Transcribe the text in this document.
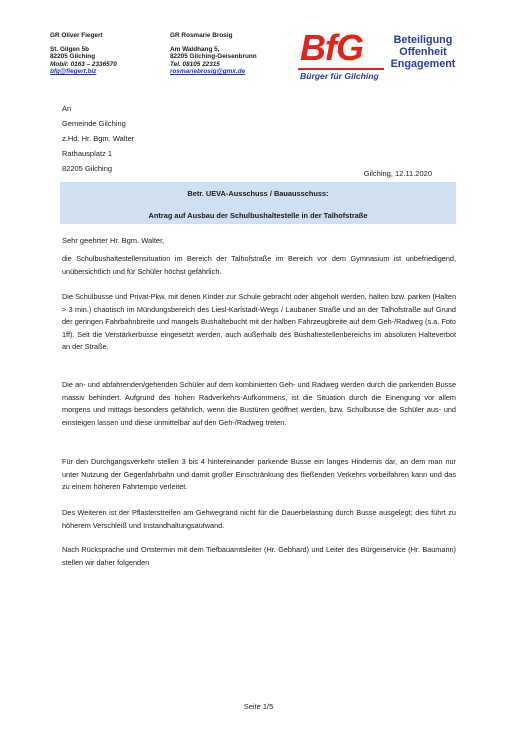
GR Oliver Fiegert
St. Gilgen 5b
82205 Gilching
Mobil: 0163 – 2336570
bfg@fiegert.biz
GR Rosmarie Brosig
Am Waldhang 5,
82205 Gilching-Geisenbrunn
Tel. 08105 22315
rosmariebrosig@gmx.de
BfG
Bürger für Gilching
Beteiligung
Offenheit
Engagement
An
Gemeinde Gilching
z.Hd. Hr. Bgm. Walter
Rathausplatz 1
82205 Gilching
Gilching, 12.11.2020
Betr. UEVA-Ausschuss / Bauausschuss:
Antrag auf Ausbau der Schulbushaltestelle in der Talhofstraße
Sehr geehrter Hr. Bgm. Walter,
die Schulbushaltestellensituation im Bereich der Talhofstraße im Bereich vor dem Gymnasium ist unbefriedigend, unübersichtlich und für Schüler höchst gefährlich.
Die Schulbusse und Privat-Pkw, mit denen Kinder zur Schule gebracht oder abgeholt werden, halten bzw. parken (Halten > 3 min.) chaotisch im Mündungsbereich des Liesl-Karlstadt-Wegs / Laubaner Straße und an der Talhofstraße auf Grund der geringen Fahrbahnbreite und mangels Bushaltebucht mit der halben Fahrzeugbreite auf dem Geh-/Radweg (s.a. Foto 1ff). Seit die Verstärkerbusse eingesetzt werden, auch außerhalb des Bushaltestellenbereichs im absoluten Halteverbot an der Straße.
Die an- und abfahrenden/gehenden Schüler auf dem kombinierten Geh- und Radweg werden durch die parkenden Busse massiv behindert. Aufgrund des hohen Radverkehrs-Aufkommens, ist die Situation durch die Einengung vor allem morgens und mittags besonders gefährlich, wenn die Bustüren geöffnet werden, bzw. Schulbusse die Schüler aus- und einsteigen lassen und diese unmittelbar auf den Geh-/Radweg treten.
Für den Durchgangsverkehr stellen 3 bis 4 hintereinander parkende Busse ein langes Hindernis dar, an dem man nur unter Nutzung der Gegenfahrbahn und damit großer Einschränkung des fließenden Verkehrs vorbeifahren kann und das zu einem höheren Fahrtempo verleitet.
Des Weiteren ist der Pflasterstreifen am Gehwegrand nicht für die Dauerbelastung durch Busse ausgelegt; dies führt zu höherem Verschleiß und Instandhaltungsaufwand.
Nach Rücksprache und Ortstermin mit dem Tiefbauamtsleiter (Hr. Gebhard) und Leiter des Bürgerservice (Hr. Baumann) stellen wir daher folgenden
Seite 1/5
